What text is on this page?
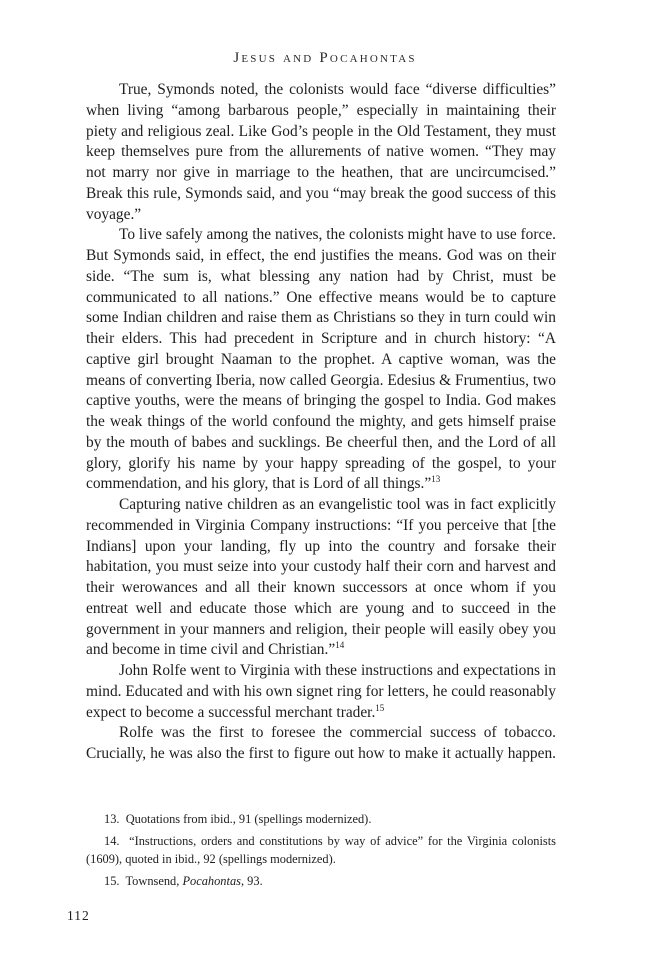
Jesus and Pocahontas

True, Symonds noted, the colonists would face “diverse difficulties” when living “among barbarous people,” especially in maintaining their piety and religious zeal. Like God’s people in the Old Testament, they must keep themselves pure from the allurements of native women. “They may not marry nor give in marriage to the heathen, that are uncircumcised.” Break this rule, Symonds said, and you “may break the good success of this voyage.”

To live safely among the natives, the colonists might have to use force. But Symonds said, in effect, the end justifies the means. God was on their side. “The sum is, what blessing any nation had by Christ, must be communicated to all nations.” One effective means would be to capture some Indian children and raise them as Christians so they in turn could win their elders. This had precedent in Scripture and in church history: “A captive girl brought Naaman to the prophet. A captive woman, was the means of converting Iberia, now called Georgia. Edesius & Frumentius, two captive youths, were the means of bringing the gospel to India. God makes the weak things of the world confound the mighty, and gets himself praise by the mouth of babes and sucklings. Be cheerful then, and the Lord of all glory, glorify his name by your happy spreading of the gospel, to your commendation, and his glory, that is Lord of all things.”$^{13}$

Capturing native children as an evangelistic tool was in fact explicitly recommended in Virginia Company instructions: “If you perceive that [the Indians] upon your landing, fly up into the country and forsake their habitation, you must seize into your custody half their corn and harvest and their werowances and all their known successors at once whom if you entreat well and educate those which are young and to succeed in the government in your manners and religion, their people will easily obey you and become in time civil and Christian.”$^{14}$

John Rolfe went to Virginia with these instructions and expectations in mind. Educated and with his own signet ring for letters, he could reasonably expect to become a successful merchant trader.$^{15}$

Rolfe was the first to foresee the commercial success of tobacco. Crucially, he was also the first to figure out how to make it actually happen.

13. Quotations from ibid., 91 (spellings modernized).

14. “Instructions, orders and constitutions by way of advice” for the Virginia colonists (1609), quoted in ibid., 92 (spellings modernized).

15. Townsend, Pocahontas, 93.

112
